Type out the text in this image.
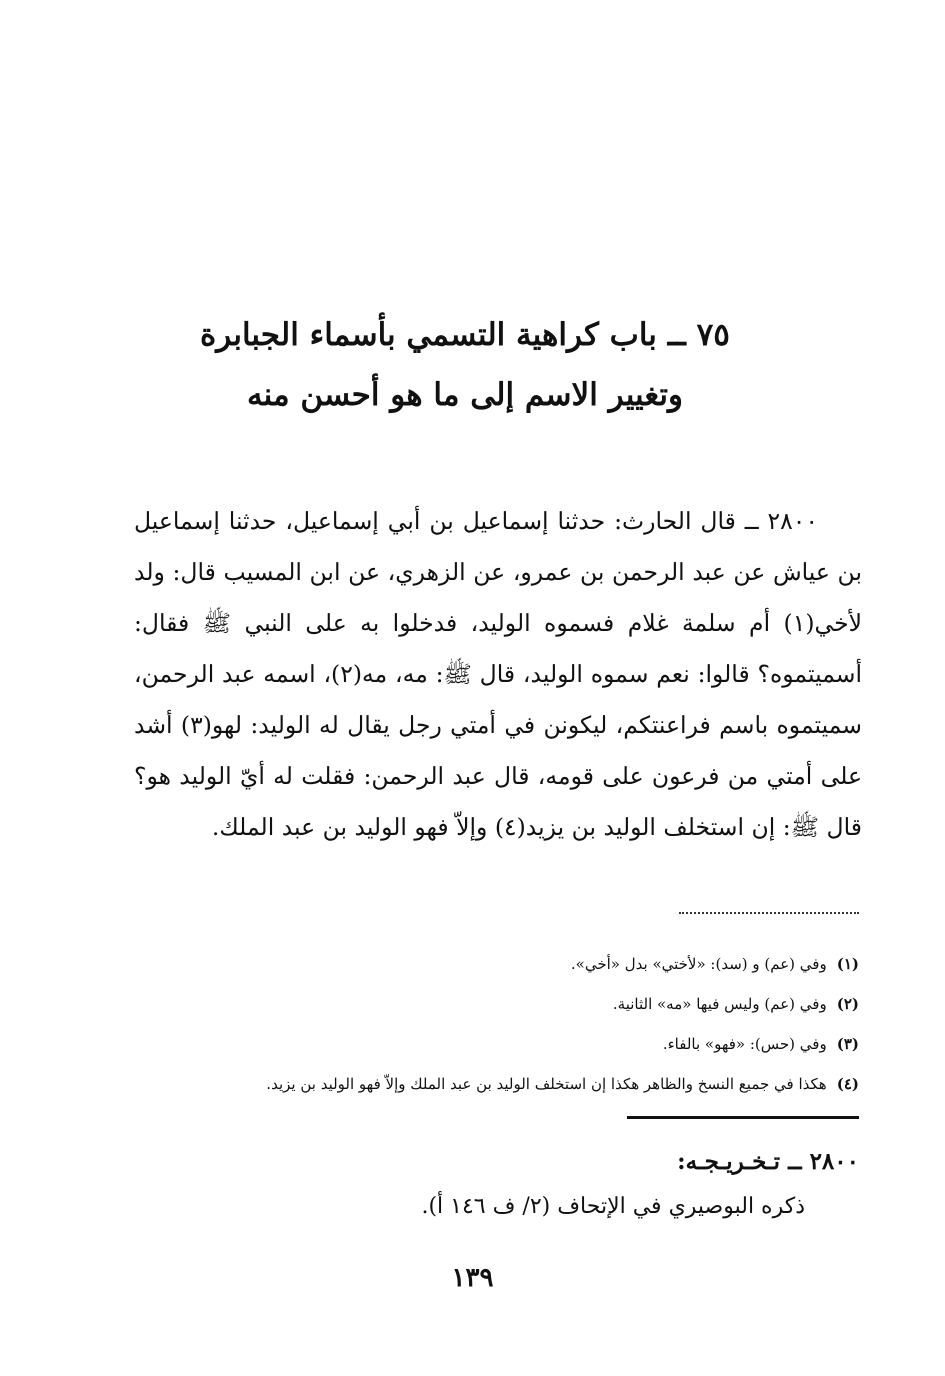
٧٥ ــ باب كراهية التسمي بأسماء الجبابرة
وتغيير الاسم إلى ما هو أحسن منه

٢٨٠٠ ــ قال الحارث: حدثنا إسماعيل بن أبي إسماعيل، حدثنا إسماعيل بن عياش عن عبد الرحمن بن عمرو، عن الزهري، عن ابن المسيب قال: ولد لأخي(١) أم سلمة غلام فسموه الوليد، فدخلوا به على النبي ﷺ فقال: أسميتموه؟ قالوا: نعم سموه الوليد، قال ﷺ: مه، مه(٢)، اسمه عبد الرحمن، سميتموه باسم فراعنتكم، ليكونن في أمتي رجل يقال له الوليد: لهو(٣) أشد على أمتي من فرعون على قومه، قال عبد الرحمن: فقلت له أيّ الوليد هو؟ قال ﷺ: إن استخلف الوليد بن يزيد(٤) وإلاّ فهو الوليد بن عبد الملك.

(١)
وفي (عم) و (سد): «لأختي» بدل «أخي».
(٢)
وفي (عم) وليس فيها «مه» الثانية.
(٣)
وفي (حس): «فهو» بالفاء.
(٤)
هكذا في جميع النسخ والظاهر هكذا إن استخلف الوليد بن عبد الملك وإلاّ فهو الوليد بن يزيد.
٢٨٠٠ ــ تـخـريـجـه:
ذكره البوصيري في الإتحاف (٢/ ف ١٤٦ أ).
١٣٩
